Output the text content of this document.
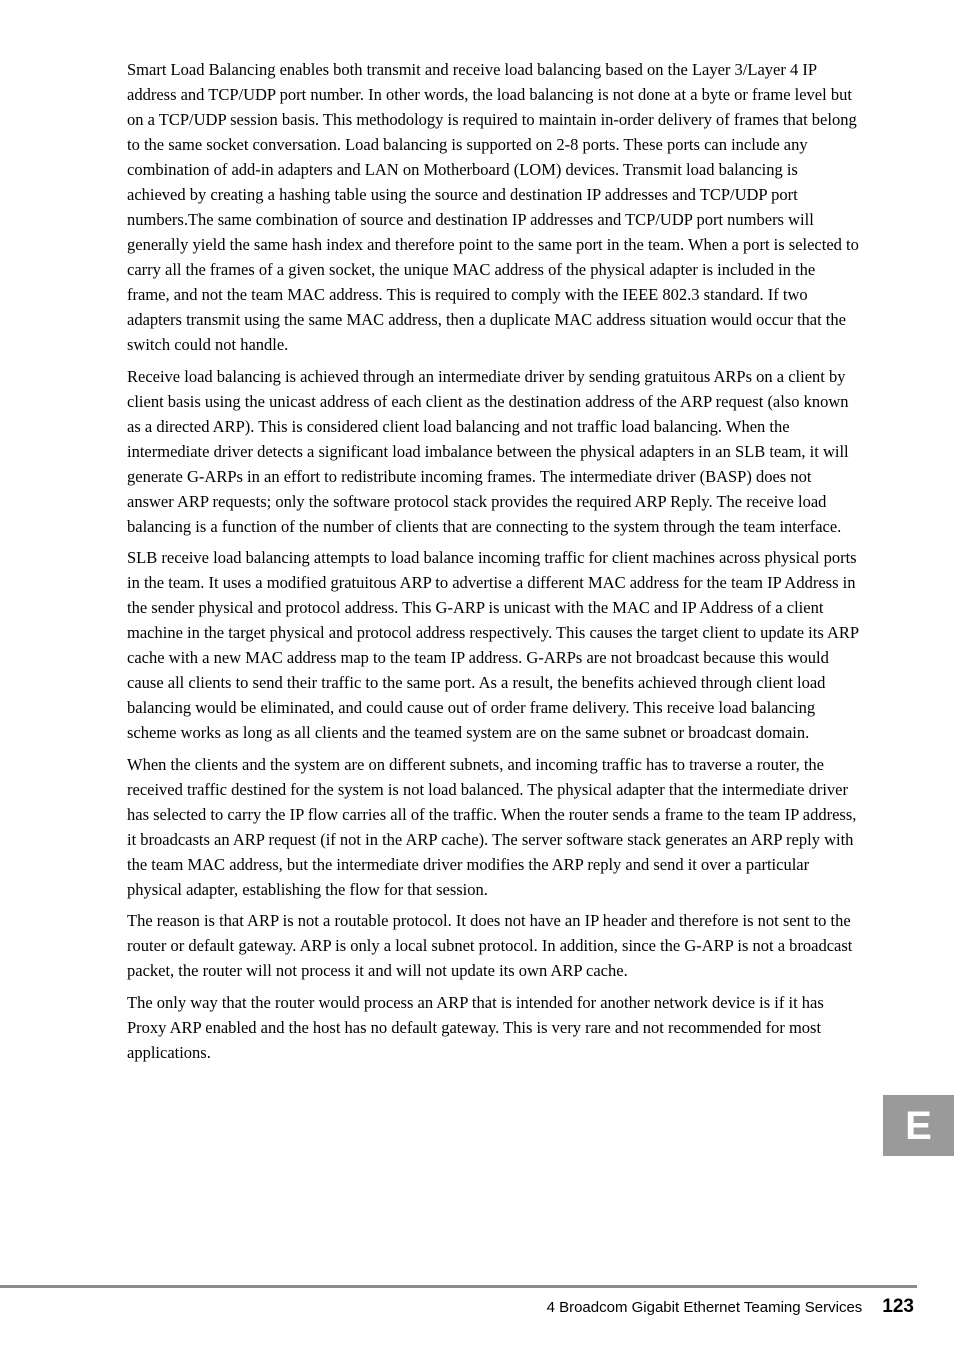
Smart Load Balancing enables both transmit and receive load balancing based on the Layer 3/Layer 4 IP address and TCP/UDP port number. In other words, the load balancing is not done at a byte or frame level but on a TCP/UDP session basis. This methodology is required to maintain in-order delivery of frames that belong to the same socket conversation. Load balancing is supported on 2-8 ports. These ports can include any combination of add-in adapters and LAN on Motherboard (LOM) devices. Transmit load balancing is achieved by creating a hashing table using the source and destination IP addresses and TCP/UDP port numbers.The same combination of source and destination IP addresses and TCP/UDP port numbers will generally yield the same hash index and therefore point to the same port in the team. When a port is selected to carry all the frames of a given socket, the unique MAC address of the physical adapter is included in the frame, and not the team MAC address. This is required to comply with the IEEE 802.3 standard. If two adapters transmit using the same MAC address, then a duplicate MAC address situation would occur that the switch could not handle.

Receive load balancing is achieved through an intermediate driver by sending gratuitous ARPs on a client by client basis using the unicast address of each client as the destination address of the ARP request (also known as a directed ARP). This is considered client load balancing and not traffic load balancing. When the intermediate driver detects a significant load imbalance between the physical adapters in an SLB team, it will generate G-ARPs in an effort to redistribute incoming frames. The intermediate driver (BASP) does not answer ARP requests; only the software protocol stack provides the required ARP Reply. The receive load balancing is a function of the number of clients that are connecting to the system through the team interface.

SLB receive load balancing attempts to load balance incoming traffic for client machines across physical ports in the team. It uses a modified gratuitous ARP to advertise a different MAC address for the team IP Address in the sender physical and protocol address. This G-ARP is unicast with the MAC and IP Address of a client machine in the target physical and protocol address respectively. This causes the target client to update its ARP cache with a new MAC address map to the team IP address. G-ARPs are not broadcast because this would cause all clients to send their traffic to the same port. As a result, the benefits achieved through client load balancing would be eliminated, and could cause out of order frame delivery. This receive load balancing scheme works as long as all clients and the teamed system are on the same subnet or broadcast domain.

When the clients and the system are on different subnets, and incoming traffic has to traverse a router, the received traffic destined for the system is not load balanced. The physical adapter that the intermediate driver has selected to carry the IP flow carries all of the traffic. When the router sends a frame to the team IP address, it broadcasts an ARP request (if not in the ARP cache). The server software stack generates an ARP reply with the team MAC address, but the intermediate driver modifies the ARP reply and send it over a particular physical adapter, establishing the flow for that session.

The reason is that ARP is not a routable protocol. It does not have an IP header and therefore is not sent to the router or default gateway. ARP is only a local subnet protocol. In addition, since the G-ARP is not a broadcast packet, the router will not process it and will not update its own ARP cache.

The only way that the router would process an ARP that is intended for another network device is if it has Proxy ARP enabled and the host has no default gateway. This is very rare and not recommended for most applications.

E
4 Broadcom Gigabit Ethernet Teaming Services 123
